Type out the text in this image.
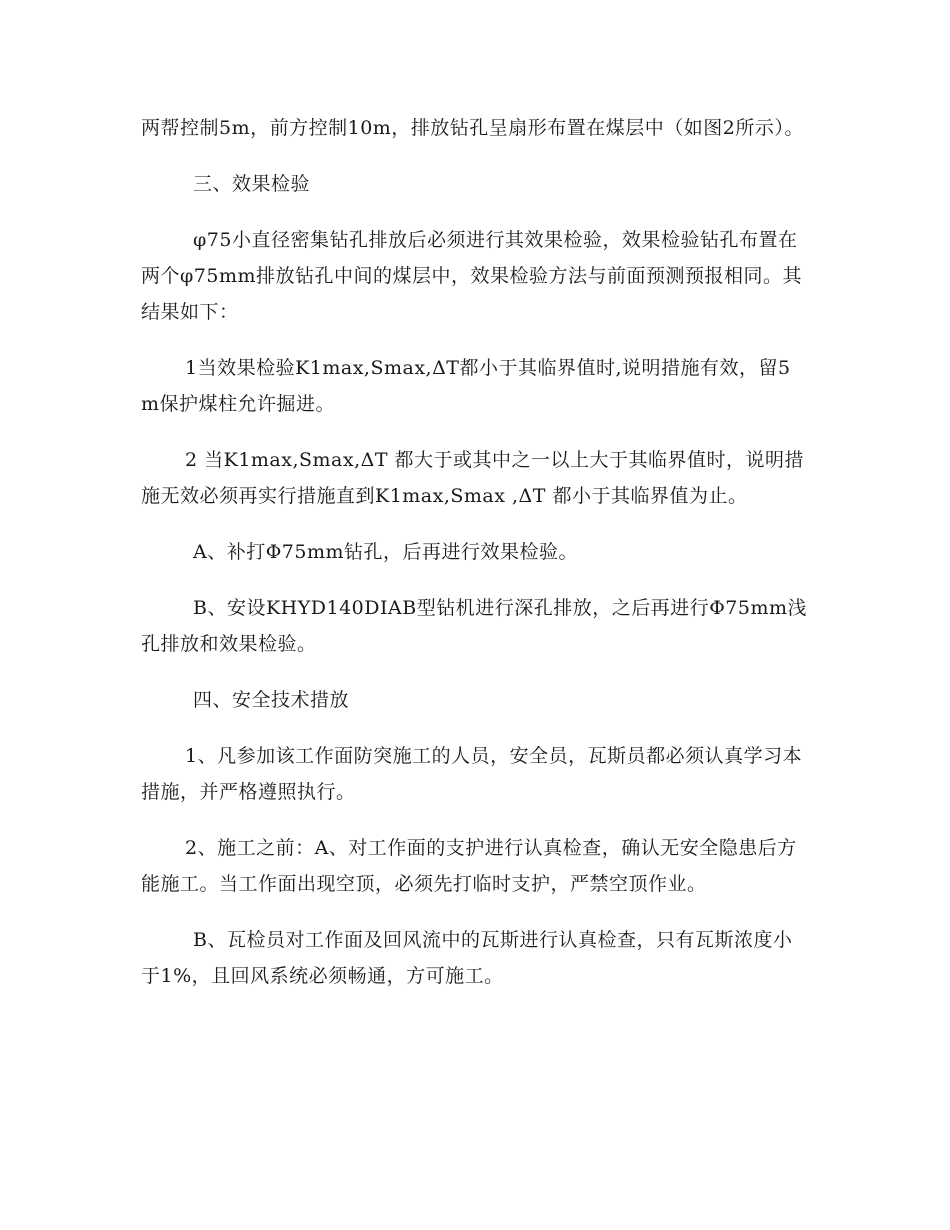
两帮控制5m，前方控制10m，排放钻孔呈扇形布置在煤层中（如图2所示）。

三、效果检验

φ75小直径密集钻孔排放后必须进行其效果检验，效果检验钻孔布置在两个φ75mm排放钻孔中间的煤层中，效果检验方法与前面预测预报相同。其结果如下：

1当效果检验K1max,Smax,ΔT都小于其临界值时,说明措施有效，留5m保护煤柱允许掘进。

2 当K1max,Smax,ΔT 都大于或其中之一以上大于其临界值时，说明措施无效必须再实行措施直到K1max,Smax ,ΔT 都小于其临界值为止。

A、补打Φ75mm钻孔，后再进行效果检验。

B、安设KHYD140DIAB型钻机进行深孔排放，之后再进行Φ75mm浅孔排放和效果检验。

四、安全技术措放

1、凡参加该工作面防突施工的人员，安全员，瓦斯员都必须认真学习本措施，并严格遵照执行。

2、施工之前：A、对工作面的支护进行认真检查，确认无安全隐患后方能施工。当工作面出现空顶，必须先打临时支护，严禁空顶作业。

B、瓦检员对工作面及回风流中的瓦斯进行认真检查，只有瓦斯浓度小于1%，且回风系统必须畅通，方可施工。
